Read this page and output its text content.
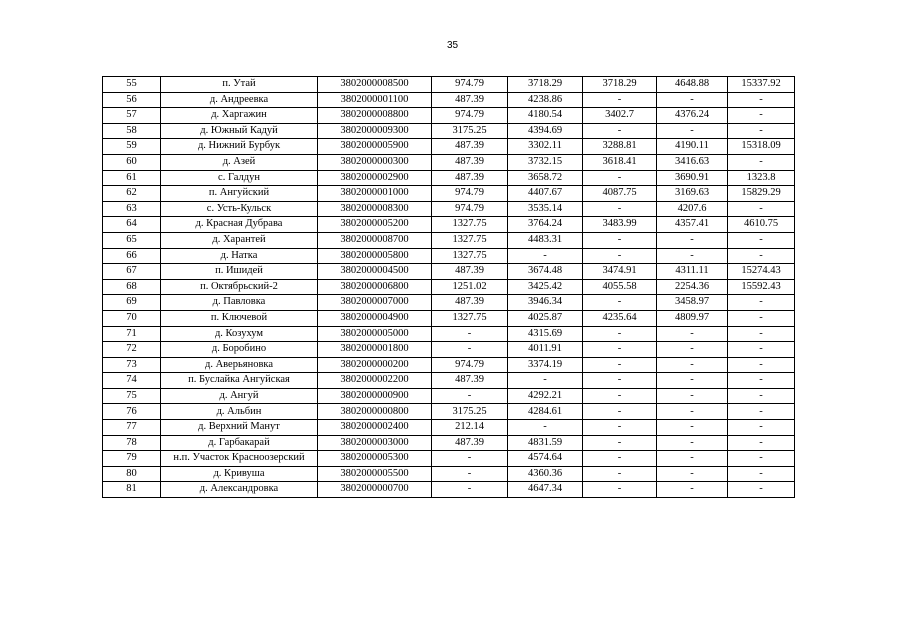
35
55	п. Утай	3802000008500	974.79	3718.29	3718.29	4648.88	15337.92
56	д. Андреевка	3802000001100	487.39	4238.86	-	-	-
57	д. Харгажин	3802000008800	974.79	4180.54	3402.7	4376.24	-
58	д. Южный Кадуй	3802000009300	3175.25	4394.69	-	-	-
59	д. Нижний Бурбук	3802000005900	487.39	3302.11	3288.81	4190.11	15318.09
60	д. Азей	3802000000300	487.39	3732.15	3618.41	3416.63	-
61	с. Галдун	3802000002900	487.39	3658.72	-	3690.91	1323.8
62	п. Ангуйский	3802000001000	974.79	4407.67	4087.75	3169.63	15829.29
63	с. Усть-Кульск	3802000008300	974.79	3535.14	-	4207.6	-
64	д. Красная Дубрава	3802000005200	1327.75	3764.24	3483.99	4357.41	4610.75
65	д. Харантей	3802000008700	1327.75	4483.31	-	-	-
66	д. Натка	3802000005800	1327.75	-	-	-	-
67	п. Ишидей	3802000004500	487.39	3674.48	3474.91	4311.11	15274.43
68	п. Октябрьский-2	3802000006800	1251.02	3425.42	4055.58	2254.36	15592.43
69	д. Павловка	3802000007000	487.39	3946.34	-	3458.97	-
70	п. Ключевой	3802000004900	1327.75	4025.87	4235.64	4809.97	-
71	д. Козухум	3802000005000	-	4315.69	-	-	-
72	д. Боробино	3802000001800	-	4011.91	-	-	-
73	д. Аверьяновка	3802000000200	974.79	3374.19	-	-	-
74	п. Буслайка Ангуйская	3802000002200	487.39	-	-	-	-
75	д. Ангуй	3802000000900	-	4292.21	-	-	-
76	д. Альбин	3802000000800	3175.25	4284.61	-	-	-
77	д. Верхний Манут	3802000002400	212.14	-	-	-	-
78	д. Гарбакарай	3802000003000	487.39	4831.59	-	-	-
79	н.п. Участок Красноозерский	3802000005300	-	4574.64	-	-	-
80	д. Кривуша	3802000005500	-	4360.36	-	-	-
81	д. Александровка	3802000000700	-	4647.34	-	-	-
